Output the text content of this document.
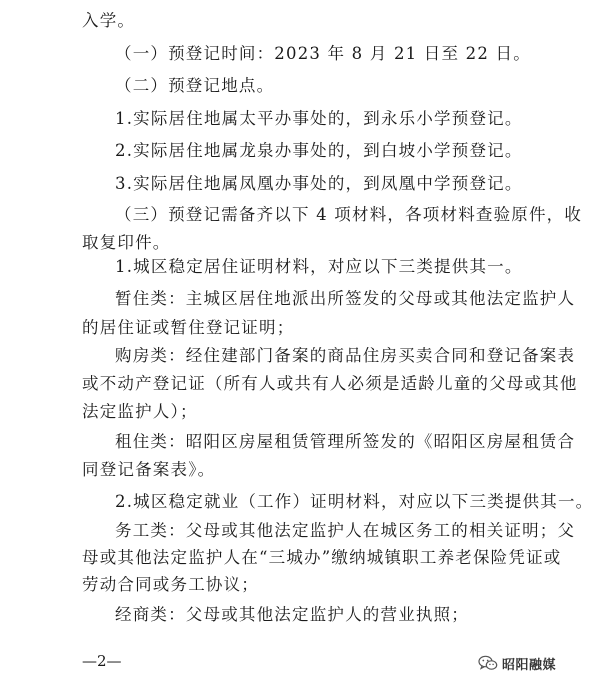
入学。
（一）预登记时间：2023 年 8 月 21 日至 22 日。
（二）预登记地点。
1.实际居住地属太平办事处的，到永乐小学预登记。
2.实际居住地属龙泉办事处的，到白坡小学预登记。
3.实际居住地属凤凰办事处的，到凤凰中学预登记。
（三）预登记需备齐以下 4 项材料，各项材料查验原件，收
取复印件。
1.城区稳定居住证明材料，对应以下三类提供其一。
暂住类：主城区居住地派出所签发的父母或其他法定监护人
的居住证或暂住登记证明；
购房类：经住建部门备案的商品住房买卖合同和登记备案表
或不动产登记证（所有人或共有人必须是适龄儿童的父母或其他
法定监护人）；
租住类：昭阳区房屋租赁管理所签发的《昭阳区房屋租赁合
同登记备案表》。
2.城区稳定就业（工作）证明材料，对应以下三类提供其一。
务工类：父母或其他法定监护人在城区务工的相关证明；父
母或其他法定监护人在“三城办”缴纳城镇职工养老保险凭证或
劳动合同或务工协议；
经商类：父母或其他法定监护人的营业执照；
—2—	昭阳融媒
